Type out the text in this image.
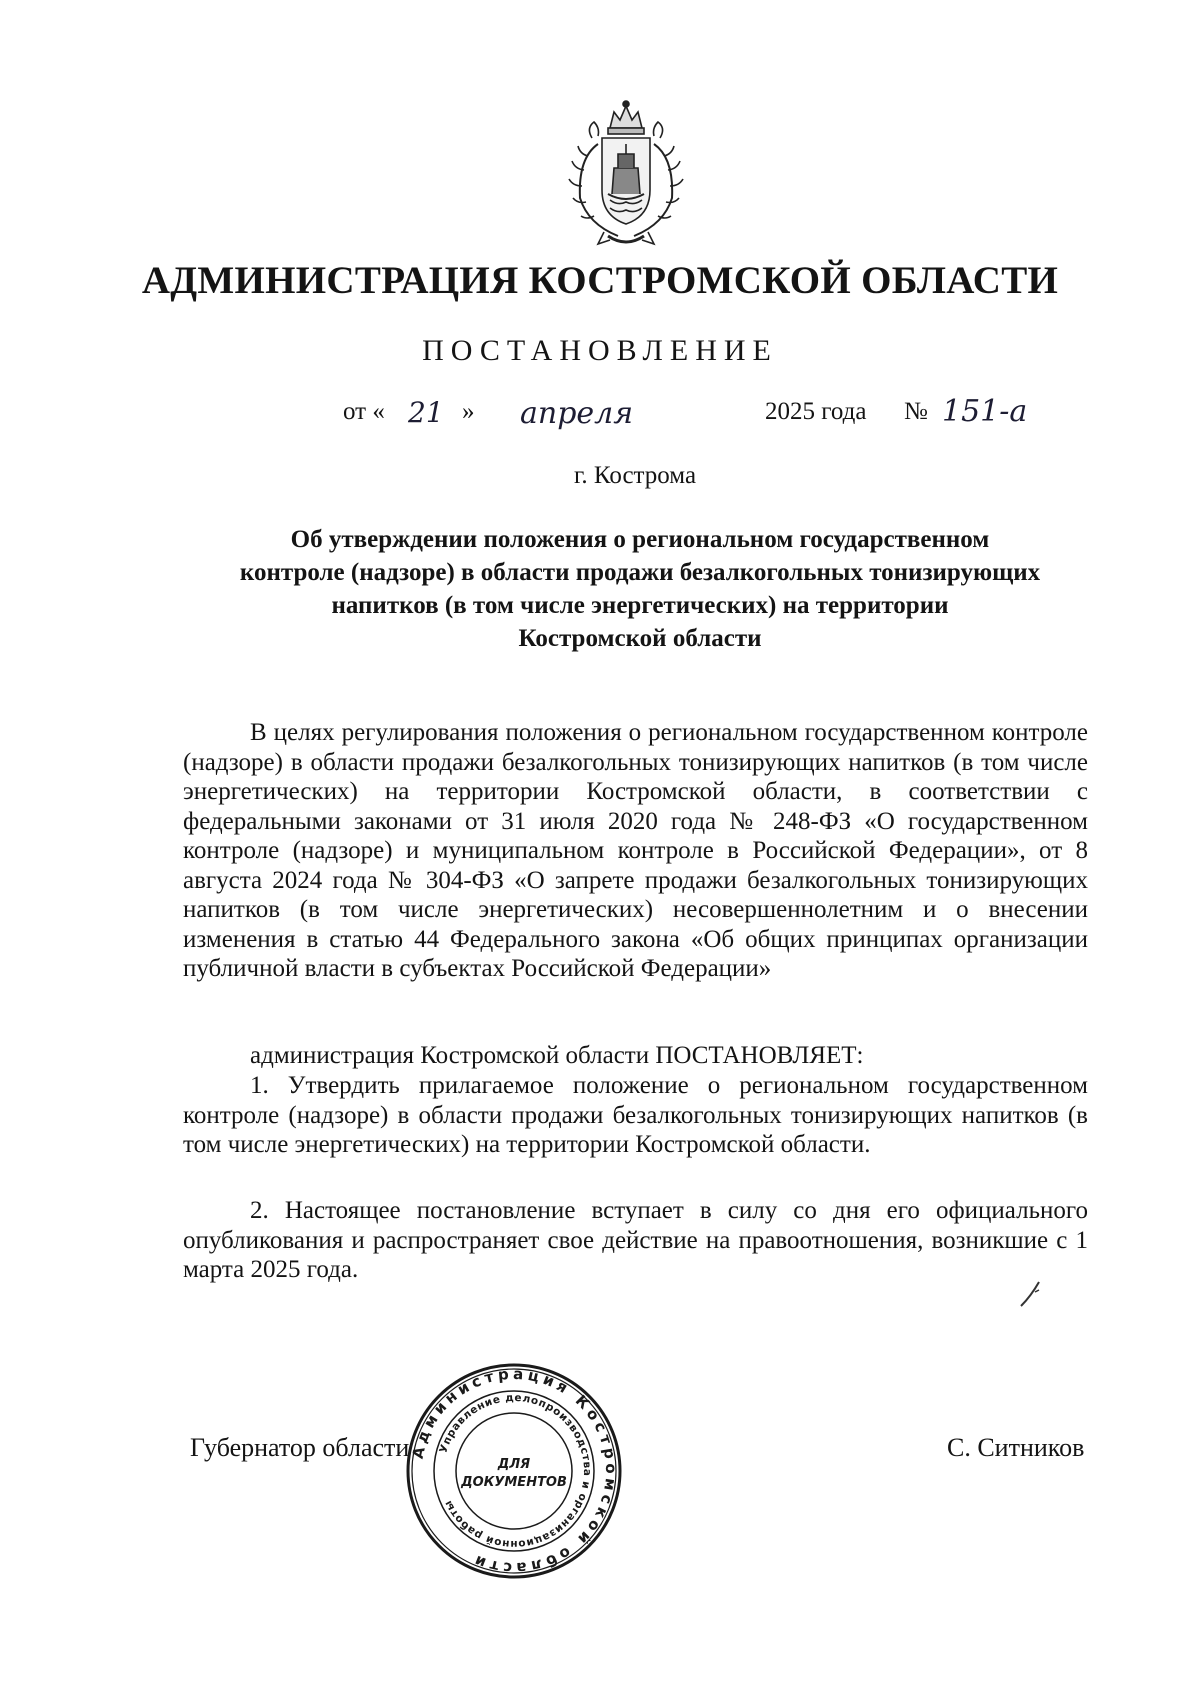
АДМИНИСТРАЦИЯ КОСТРОМСКОЙ ОБЛАСТИ
ПОСТАНОВЛЕНИЕ
от « 21 » апреля	2025 года № 151-а
г. Кострома
Об утверждении положения о региональном государственном
контроле (надзоре) в области продажи безалкогольных тонизирующих
напитков (в том числе энергетических) на территории
Костромской области
В целях регулирования положения о региональном государственном контроле (надзоре) в области продажи безалкогольных тонизирующих напитков (в том числе энергетических) на территории Костромской области, в соответствии с федеральными законами от 31 июля 2020 года № 248-ФЗ «О государственном контроле (надзоре) и муниципальном контроле в Российской Федерации», от 8 августа 2024 года № 304-ФЗ «О запрете продажи безалкогольных тонизирующих напитков (в том числе энергетических) несовершеннолетним и о внесении изменения в статью 44 Федерального закона «Об общих принципах организации публичной власти в субъектах Российской Федерации»
администрация Костромской области ПОСТАНОВЛЯЕТ:
1. Утвердить прилагаемое положение о региональном государственном контроле (надзоре) в области продажи безалкогольных тонизирующих напитков (в том числе энергетических) на территории Костромской области.
2. Настоящее постановление вступает в силу со дня его официального опубликования и распространяет свое действие на правоотношения, возникшие с 1 марта 2025 года.
Губернатор области	С. Ситников
Администрация Костромской области
Управление делопроизводства и организационной работы
ДЛЯ
ДОКУМЕНТОВ
